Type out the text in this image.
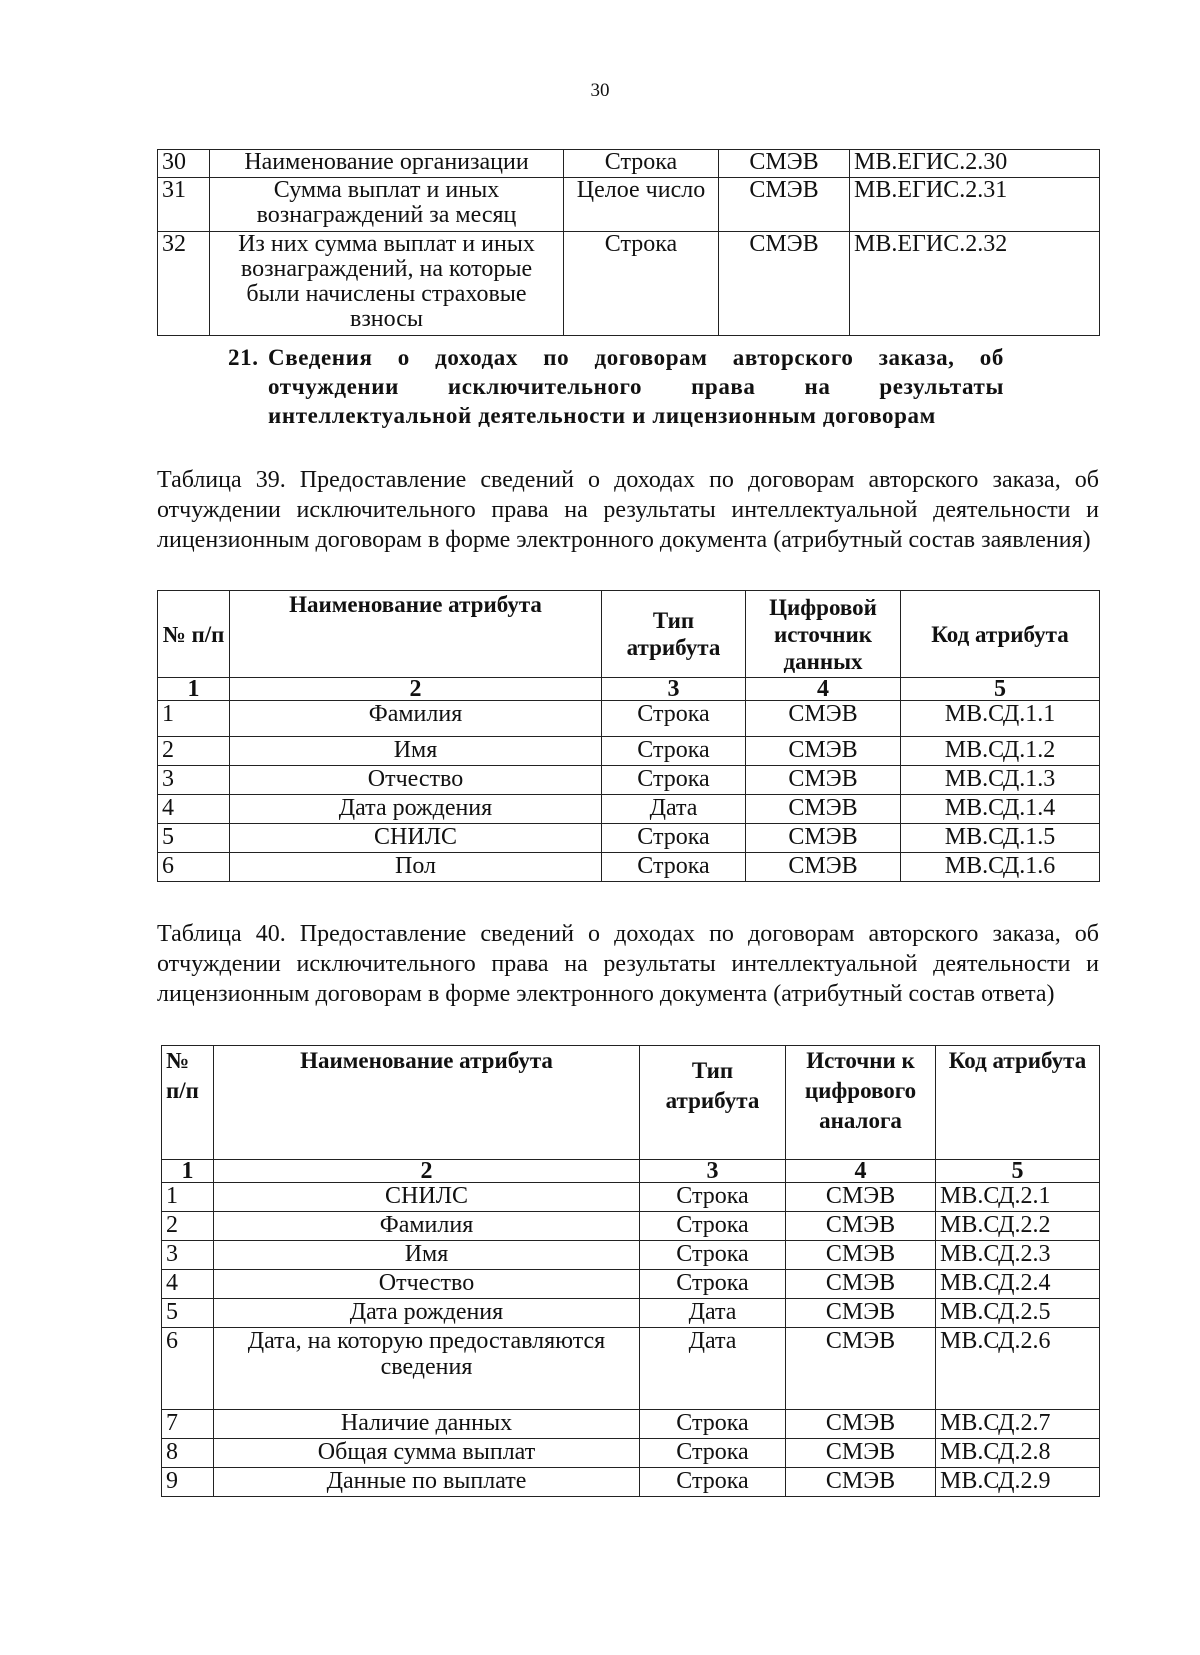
30
30	Наименование организации	Строка	СМЭВ	МВ.ЕГИС.2.30
31	Сумма выплат и иных вознаграждений за месяц	Целое число	СМЭВ	МВ.ЕГИС.2.31
32	Из них сумма выплат и иных вознаграждений, на которые были начислены страховые взносы	Строка	СМЭВ	МВ.ЕГИС.2.32
21. Сведения о доходах по договорам авторского заказа, об отчуждении исключительного права на результаты интеллектуальной деятельности и лицензионным договорам
Таблица 39. Предоставление сведений о доходах по договорам авторского заказа, об отчуждении исключительного права на результаты интеллектуальной деятельности и лицензионным договорам в форме электронного документа (атрибутный состав заявления)
№ п/п	Наименование атрибута	Тип атрибута	Цифровой источник данных	Код атрибута
1	2	3	4	5
1	Фамилия	Строка	СМЭВ	МВ.СД.1.1
2	Имя	Строка	СМЭВ	МВ.СД.1.2
3	Отчество	Строка	СМЭВ	МВ.СД.1.3
4	Дата рождения	Дата	СМЭВ	МВ.СД.1.4
5	СНИЛС	Строка	СМЭВ	МВ.СД.1.5
6	Пол	Строка	СМЭВ	МВ.СД.1.6
Таблица 40. Предоставление сведений о доходах по договорам авторского заказа, об отчуждении исключительного права на результаты интеллектуальной деятельности и лицензионным договорам в форме электронного документа (атрибутный состав ответа)
№ п/п	Наименование атрибута	Тип атрибута	Источни к цифрового аналога	Код атрибута
1	2	3	4	5
1	СНИЛС	Строка	СМЭВ	МВ.СД.2.1
2	Фамилия	Строка	СМЭВ	МВ.СД.2.2
3	Имя	Строка	СМЭВ	МВ.СД.2.3
4	Отчество	Строка	СМЭВ	МВ.СД.2.4
5	Дата рождения	Дата	СМЭВ	МВ.СД.2.5
6	Дата, на которую предоставляются сведения	Дата	СМЭВ	МВ.СД.2.6
7	Наличие данных	Строка	СМЭВ	МВ.СД.2.7
8	Общая сумма выплат	Строка	СМЭВ	МВ.СД.2.8
9	Данные по выплате	Строка	СМЭВ	МВ.СД.2.9
